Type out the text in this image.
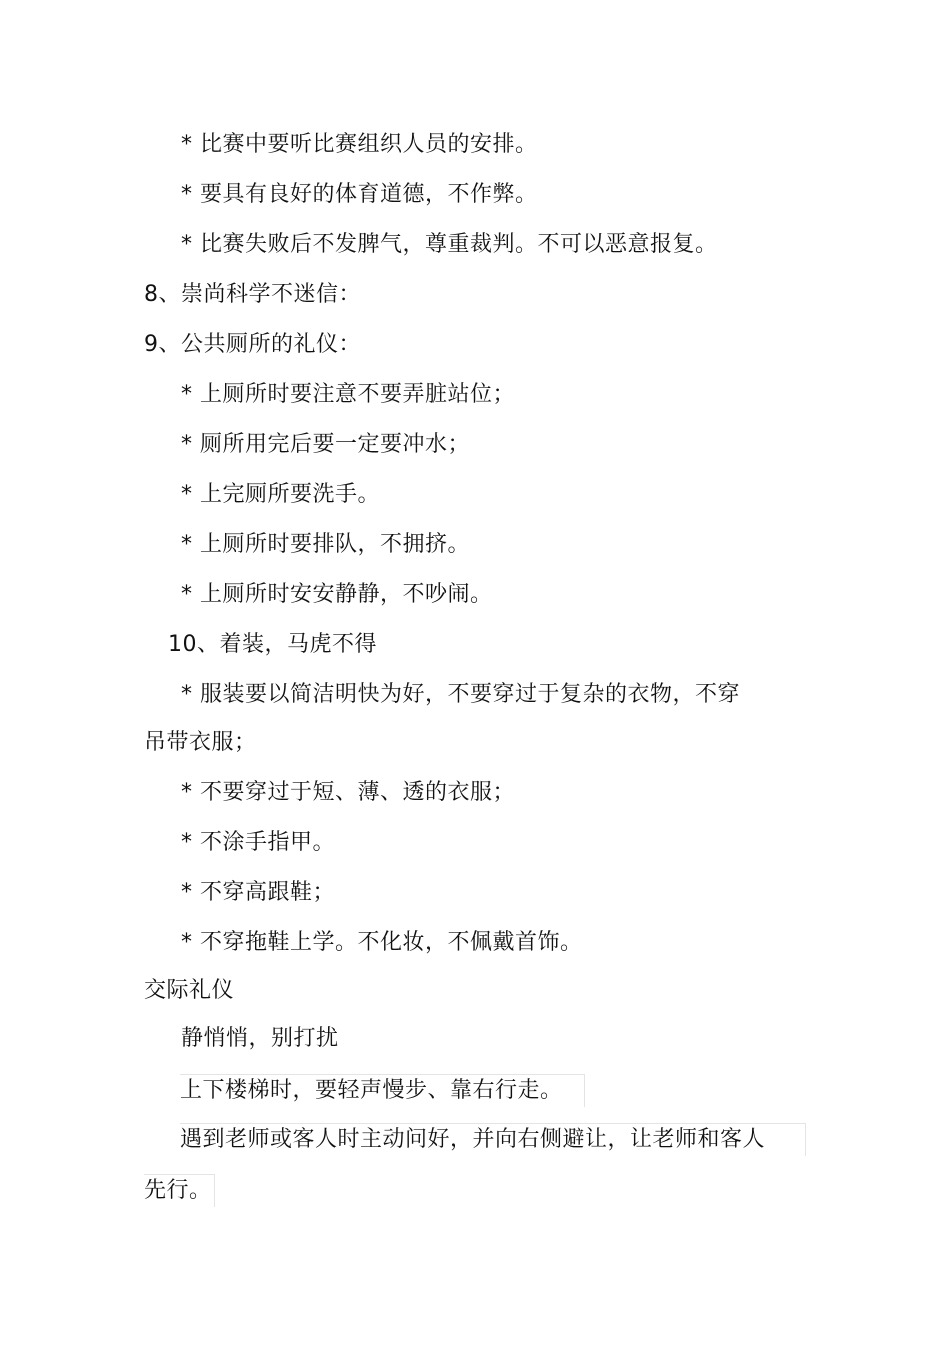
* 比赛中要听比赛组织人员的安排。
* 要具有良好的体育道德，不作弊。
* 比赛失败后不发脾气，尊重裁判。不可以恶意报复。
8、崇尚科学不迷信：
9、公共厕所的礼仪：
* 上厕所时要注意不要弄脏站位；
* 厕所用完后要一定要冲水；
* 上完厕所要洗手。
* 上厕所时要排队，不拥挤。
* 上厕所时安安静静，不吵闹。
10、着装，马虎不得
* 服装要以简洁明快为好，不要穿过于复杂的衣物，不穿
吊带衣服；
* 不要穿过于短、薄、透的衣服；
* 不涂手指甲。
* 不穿高跟鞋；
* 不穿拖鞋上学。不化妆，不佩戴首饰。
交际礼仪
静悄悄，别打扰
上下楼梯时，要轻声慢步、靠右行走。
遇到老师或客人时主动问好，并向右侧避让，让老师和客人
先行。
